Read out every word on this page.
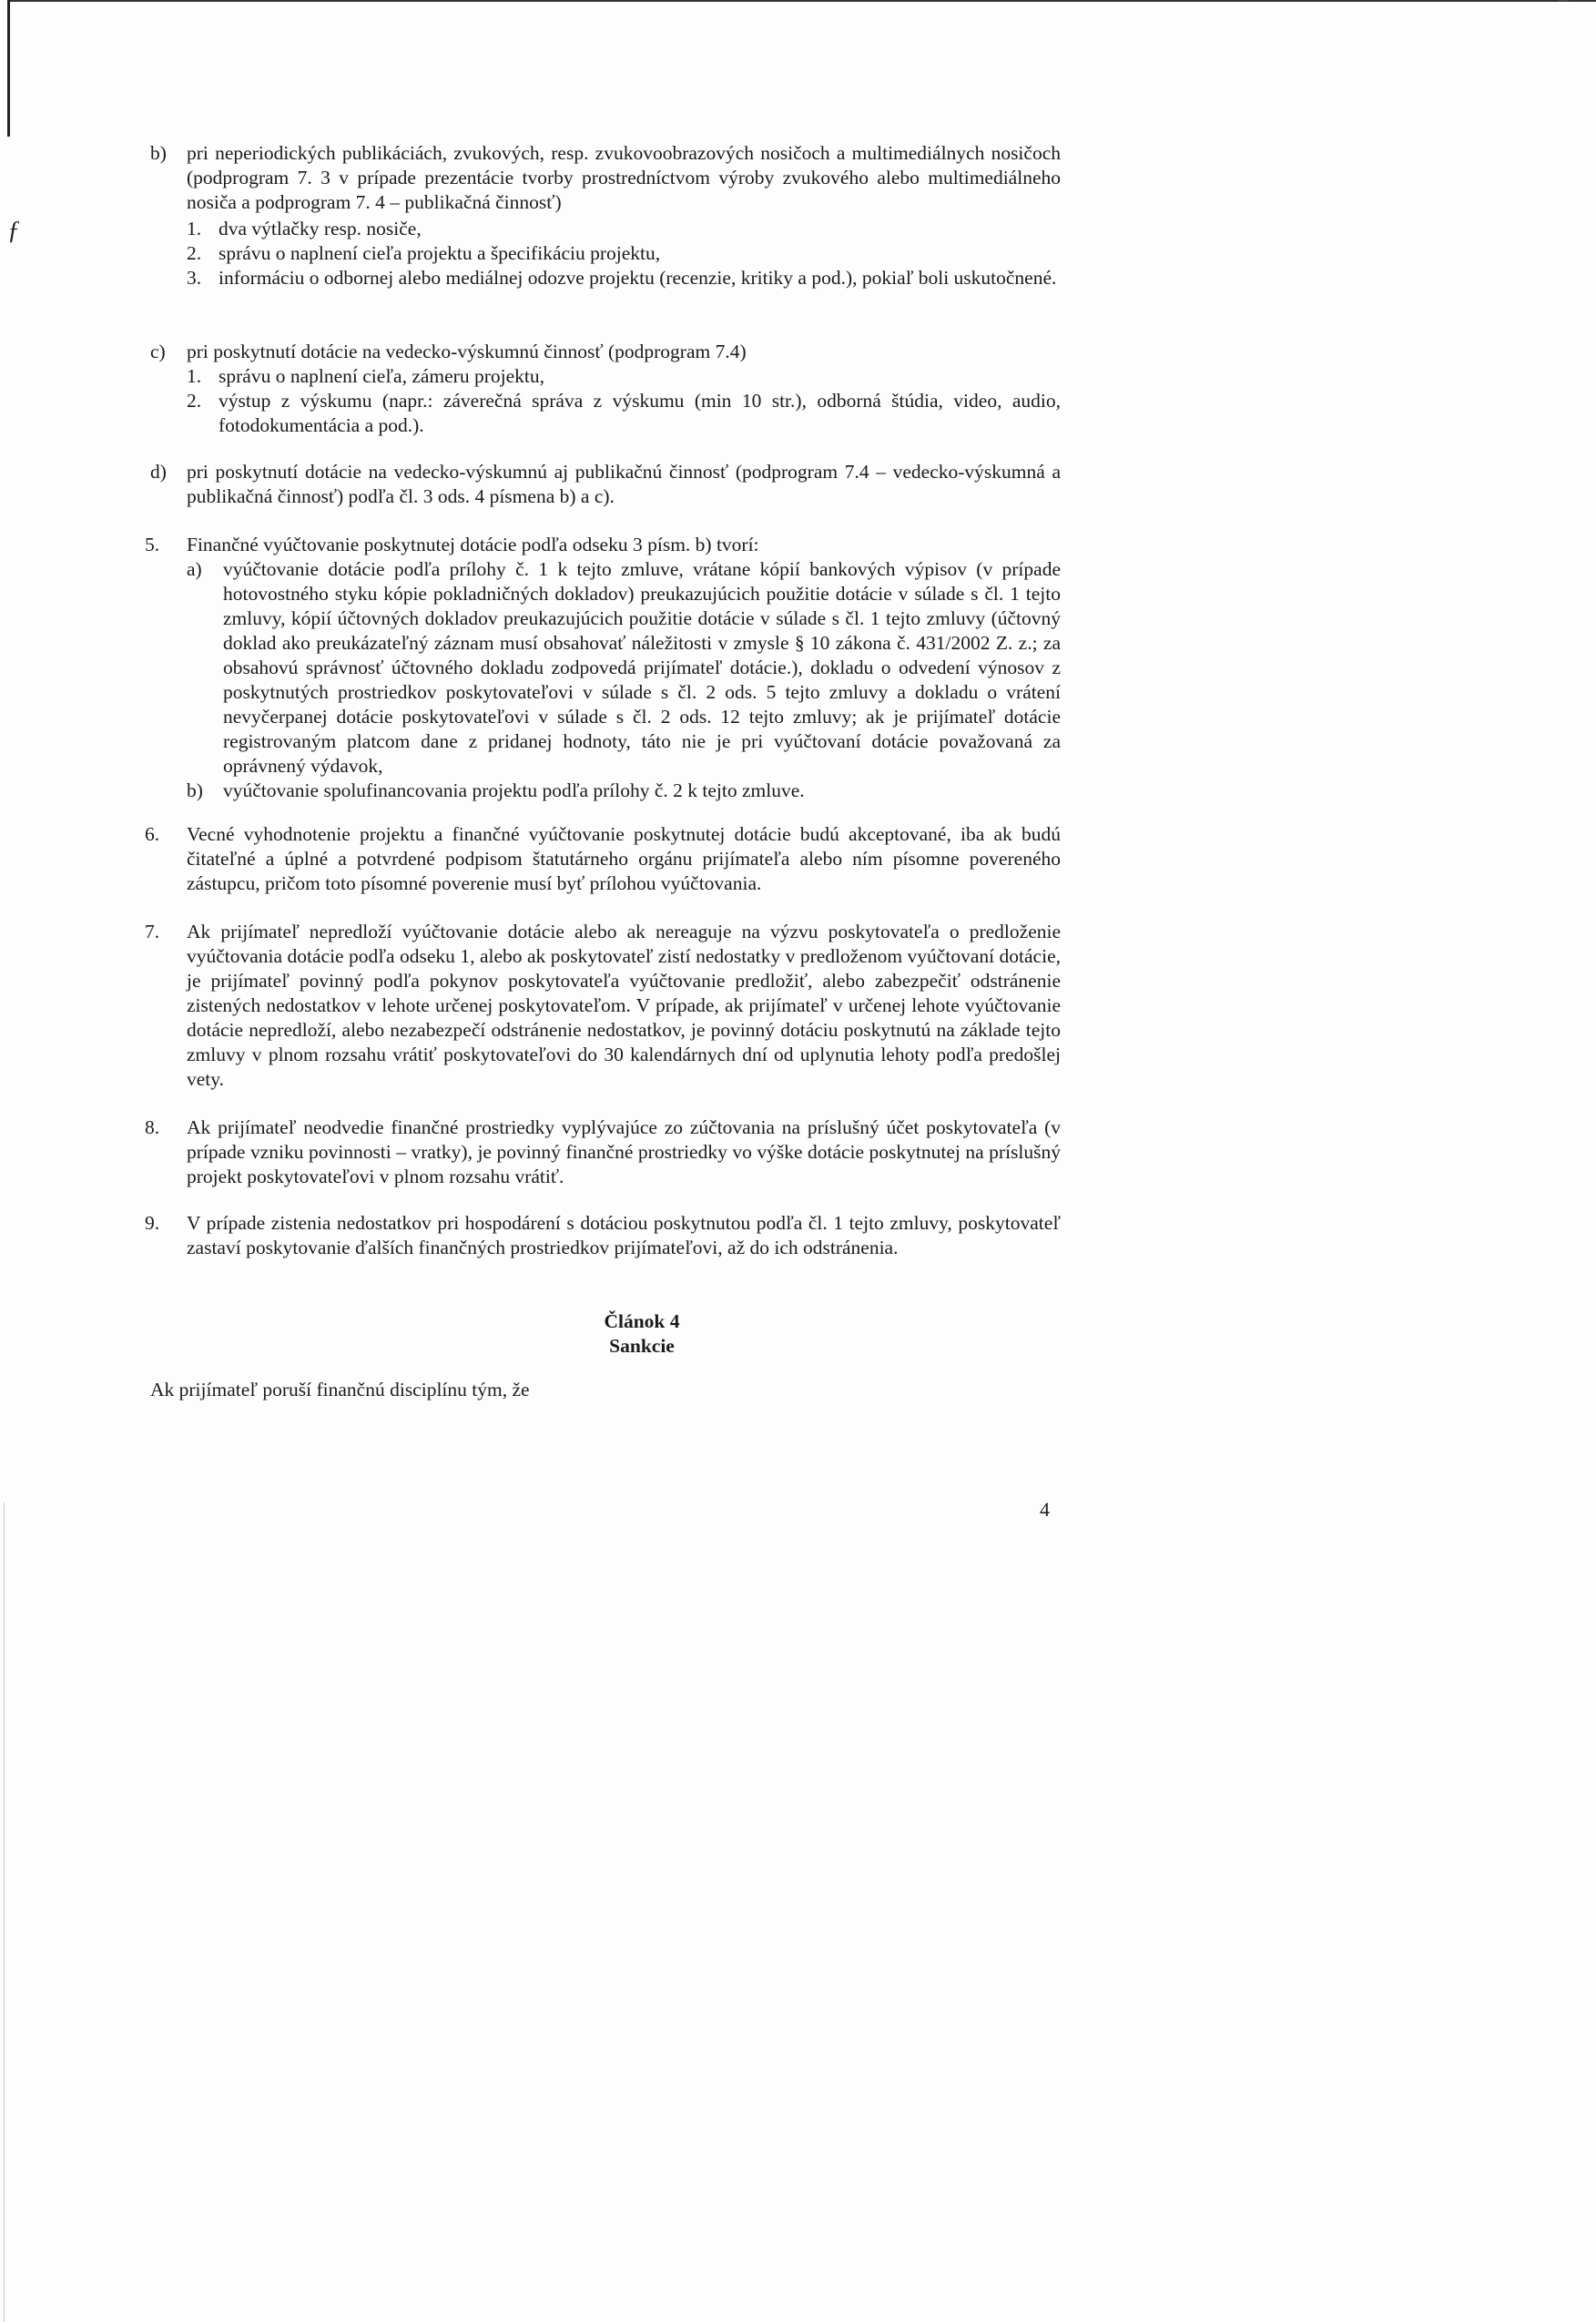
ƒ
b) pri neperiodických publikáciách, zvukových, resp. zvukovoobrazových nosičoch a multimediálnych nosičoch (podprogram 7. 3 v prípade prezentácie tvorby prostredníctvom výroby zvukového alebo multimediálneho nosiča a podprogram 7. 4 – publikačná činnosť)
1. dva výtlačky resp. nosiče,
2. správu o naplnení cieľa projektu a špecifikáciu projektu,
3. informáciu o odbornej alebo mediálnej odozve projektu (recenzie, kritiky a pod.), pokiaľ boli uskutočnené.
c) pri poskytnutí dotácie na vedecko-výskumnú činnosť (podprogram 7.4)
1. správu o naplnení cieľa, zámeru projektu,
2. výstup z výskumu (napr.: záverečná správa z výskumu (min 10 str.), odborná štúdia, video, audio, fotodokumentácia a pod.).
d) pri poskytnutí dotácie na vedecko-výskumnú aj publikačnú činnosť (podprogram 7.4 – vedecko-výskumná a publikačná činnosť) podľa čl. 3 ods. 4 písmena b) a c).
5. Finančné vyúčtovanie poskytnutej dotácie podľa odseku 3 písm. b) tvorí:
a) vyúčtovanie dotácie podľa prílohy č. 1 k tejto zmluve, vrátane kópií bankových výpisov (v prípade hotovostného styku kópie pokladničných dokladov) preukazujúcich použitie dotácie v súlade s čl. 1 tejto zmluvy, kópií účtovných dokladov preukazujúcich použitie dotácie v súlade s čl. 1 tejto zmluvy (účtovný doklad ako preukázateľný záznam musí obsahovať náležitosti v zmysle § 10 zákona č. 431/2002 Z. z.; za obsahovú správnosť účtovného dokladu zodpovedá prijímateľ dotácie.), dokladu o odvedení výnosov z poskytnutých prostriedkov poskytovateľovi v súlade s čl. 2 ods. 5 tejto zmluvy a dokladu o vrátení nevyčerpanej dotácie poskytovateľovi v súlade s čl. 2 ods. 12 tejto zmluvy; ak je prijímateľ dotácie registrovaným platcom dane z pridanej hodnoty, táto nie je pri vyúčtovaní dotácie považovaná za oprávnený výdavok,
b) vyúčtovanie spolufinancovania projektu podľa prílohy č. 2 k tejto zmluve.
6. Vecné vyhodnotenie projektu a finančné vyúčtovanie poskytnutej dotácie budú akceptované, iba ak budú čitateľné a úplné a potvrdené podpisom štatutárneho orgánu prijímateľa alebo ním písomne povereného zástupcu, pričom toto písomné poverenie musí byť prílohou vyúčtovania.
7. Ak prijímateľ nepredloží vyúčtovanie dotácie alebo ak nereaguje na výzvu poskytovateľa o predloženie vyúčtovania dotácie podľa odseku 1, alebo ak poskytovateľ zistí nedostatky v predloženom vyúčtovaní dotácie, je prijímateľ povinný podľa pokynov poskytovateľa vyúčtovanie predložiť, alebo zabezpečiť odstránenie zistených nedostatkov v lehote určenej poskytovateľom. V prípade, ak prijímateľ v určenej lehote vyúčtovanie dotácie nepredloží, alebo nezabezpečí odstránenie nedostatkov, je povinný dotáciu poskytnutú na základe tejto zmluvy v plnom rozsahu vrátiť poskytovateľovi do 30 kalendárnych dní od uplynutia lehoty podľa predošlej vety.
8. Ak prijímateľ neodvedie finančné prostriedky vyplývajúce zo zúčtovania na príslušný účet poskytovateľa (v prípade vzniku povinnosti – vratky), je povinný finančné prostriedky vo výške dotácie poskytnutej na príslušný projekt poskytovateľovi v plnom rozsahu vrátiť.
9. V prípade zistenia nedostatkov pri hospodárení s dotáciou poskytnutou podľa čl. 1 tejto zmluvy, poskytovateľ zastaví poskytovanie ďalších finančných prostriedkov prijímateľovi, až do ich odstránenia.
Článok 4
Sankcie
Ak prijímateľ poruší finančnú disciplínu tým, že
4
